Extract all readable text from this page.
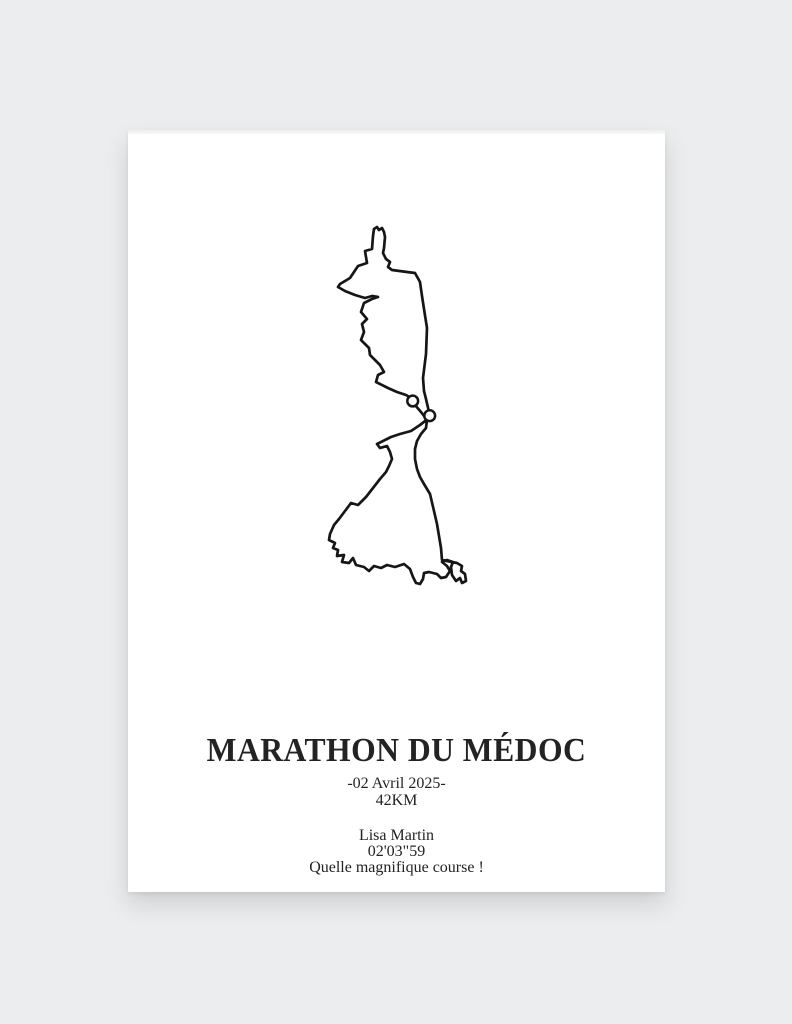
MARATHON DU MÉDOC
-02 Avril 2025-
42KM
Lisa Martin
02'03"59
Quelle magnifique course !
